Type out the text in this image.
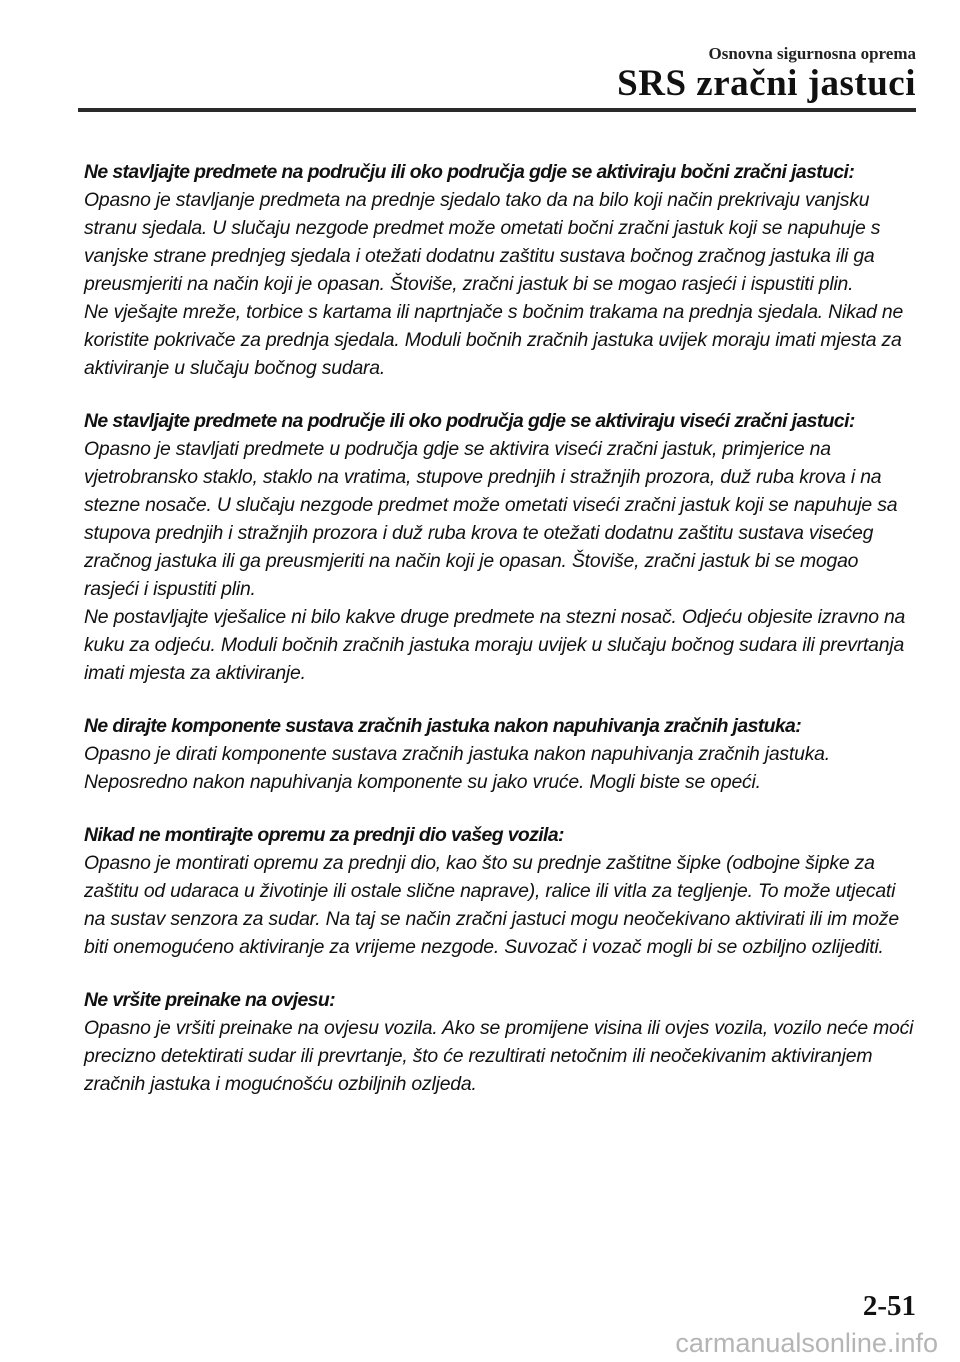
Osnovna sigurnosna oprema
SRS zračni jastuci

Ne stavljajte predmete na području ili oko područja gdje se aktiviraju bočni zračni jastuci:

Opasno je stavljanje predmeta na prednje sjedalo tako da na bilo koji način prekrivaju vanjsku stranu sjedala. U slučaju nezgode predmet može ometati bočni zračni jastuk koji se napuhuje s vanjske strane prednjeg sjedala i otežati dodatnu zaštitu sustava bočnog zračnog jastuka ili ga preusmjeriti na način koji je opasan. Štoviše, zračni jastuk bi se mogao rasjeći i ispustiti plin.

Ne vješajte mreže, torbice s kartama ili naprtnjače s bočnim trakama na prednja sjedala. Nikad ne koristite pokrivače za prednja sjedala. Moduli bočnih zračnih jastuka uvijek moraju imati mjesta za aktiviranje u slučaju bočnog sudara.

Ne stavljajte predmete na područje ili oko područja gdje se aktiviraju viseći zračni jastuci:

Opasno je stavljati predmete u područja gdje se aktivira viseći zračni jastuk, primjerice na vjetrobransko staklo, staklo na vratima, stupove prednjih i stražnjih prozora, duž ruba krova i na stezne nosače. U slučaju nezgode predmet može ometati viseći zračni jastuk koji se napuhuje sa stupova prednjih i stražnjih prozora i duž ruba krova te otežati dodatnu zaštitu sustava visećeg zračnog jastuka ili ga preusmjeriti na način koji je opasan. Štoviše, zračni jastuk bi se mogao rasjeći i ispustiti plin.

Ne postavljajte vješalice ni bilo kakve druge predmete na stezni nosač. Odjeću objesite izravno na kuku za odjeću. Moduli bočnih zračnih jastuka moraju uvijek u slučaju bočnog sudara ili prevrtanja imati mjesta za aktiviranje.

Ne dirajte komponente sustava zračnih jastuka nakon napuhivanja zračnih jastuka:

Opasno je dirati komponente sustava zračnih jastuka nakon napuhivanja zračnih jastuka. Neposredno nakon napuhivanja komponente su jako vruće. Mogli biste se opeći.

Nikad ne montirajte opremu za prednji dio vašeg vozila:

Opasno je montirati opremu za prednji dio, kao što su prednje zaštitne šipke (odbojne šipke za zaštitu od udaraca u životinje ili ostale slične naprave), ralice ili vitla za tegljenje. To može utjecati na sustav senzora za sudar. Na taj se način zračni jastuci mogu neočekivano aktivirati ili im može biti onemogućeno aktiviranje za vrijeme nezgode. Suvozač i vozač mogli bi se ozbiljno ozlijediti.

Ne vršite preinake na ovjesu:

Opasno je vršiti preinake na ovjesu vozila. Ako se promijene visina ili ovjes vozila, vozilo neće moći precizno detektirati sudar ili prevrtanje, što će rezultirati netočnim ili neočekivanim aktiviranjem zračnih jastuka i mogućnošću ozbiljnih ozljeda.

2-51
carmanualsonline.info
